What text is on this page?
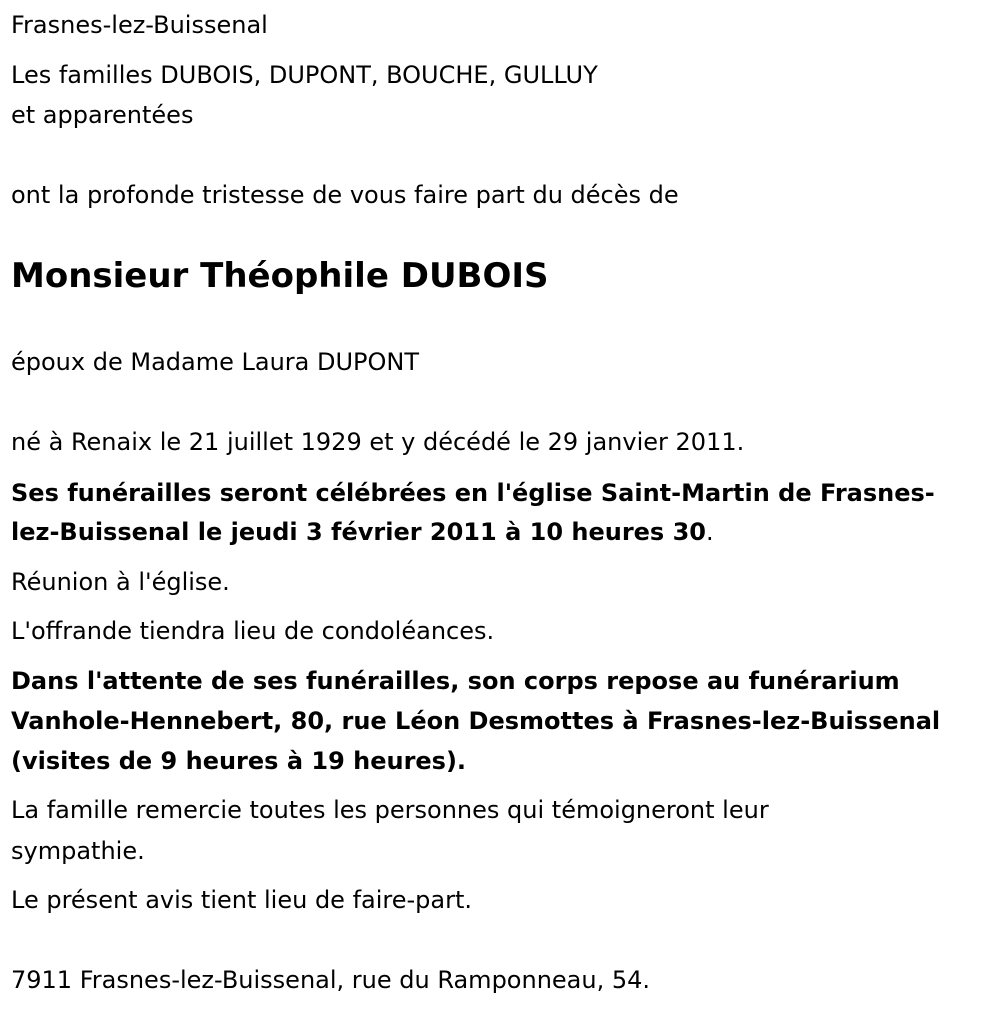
Frasnes-lez-Buissenal
Les familles DUBOIS, DUPONT, BOUCHE, GULLUY
et apparentées
ont la profonde tristesse de vous faire part du décès de
Monsieur Théophile DUBOIS
époux de Madame Laura DUPONT
né à Renaix le 21 juillet 1929 et y décédé le 29 janvier 2011.
Ses funérailles seront célébrées en l'église Saint-Martin de Frasnes-
lez-Buissenal le jeudi 3 février 2011 à 10 heures 30.
Réunion à l'église.
L'offrande tiendra lieu de condoléances.
Dans l'attente de ses funérailles, son corps repose au funérarium
Vanhole-Hennebert, 80, rue Léon Desmottes à Frasnes-lez-Buissenal
(visites de 9 heures à 19 heures).
La famille remercie toutes les personnes qui témoigneront leur
sympathie.
Le présent avis tient lieu de faire-part.
7911 Frasnes-lez-Buissenal, rue du Ramponneau, 54.
